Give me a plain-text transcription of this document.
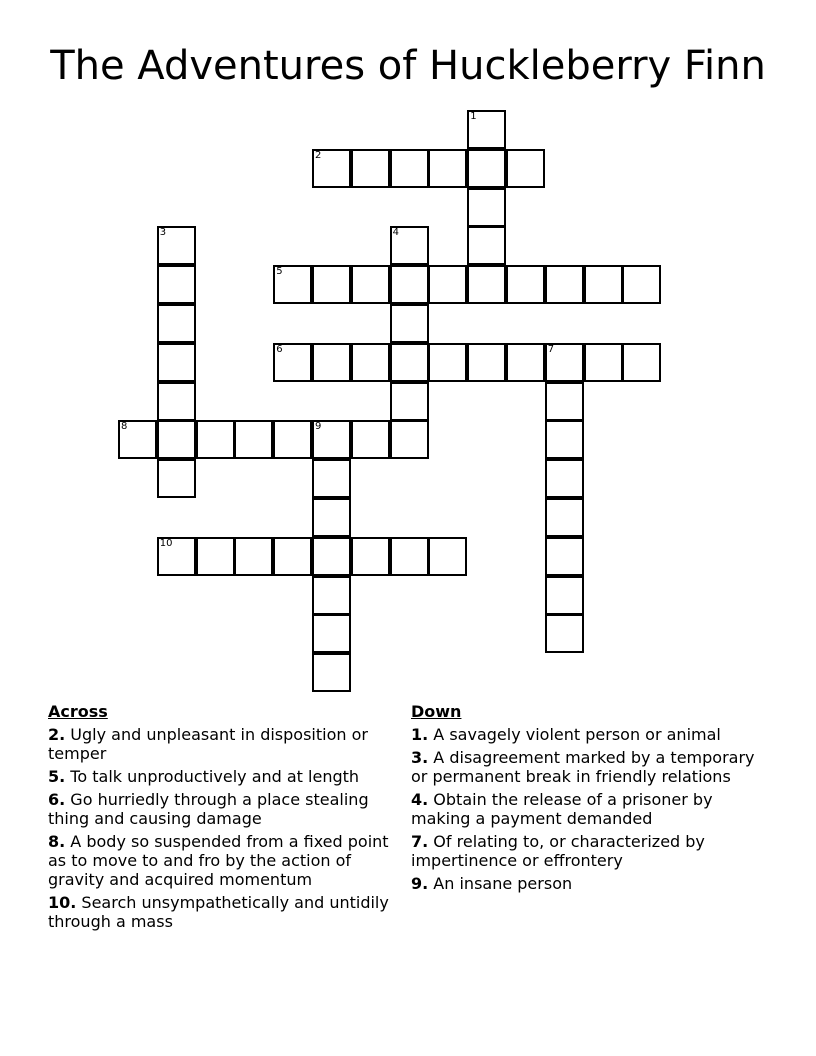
The Adventures of Huckleberry Finn
1
2
3	4
5
6	7
8	9
10
Across
2. Ugly and unpleasant in disposition or temper
5. To talk unproductively and at length
6. Go hurriedly through a place stealing thing and causing damage
8. A body so suspended from a fixed point as to move to and fro by the action of gravity and acquired momentum
10. Search unsympathetically and untidily through a mass
Down
1. A savagely violent person or animal
3. A disagreement marked by a temporary or permanent break in friendly relations
4. Obtain the release of a prisoner by making a payment demanded
7. Of relating to, or characterized by impertinence or effrontery
9. An insane person
